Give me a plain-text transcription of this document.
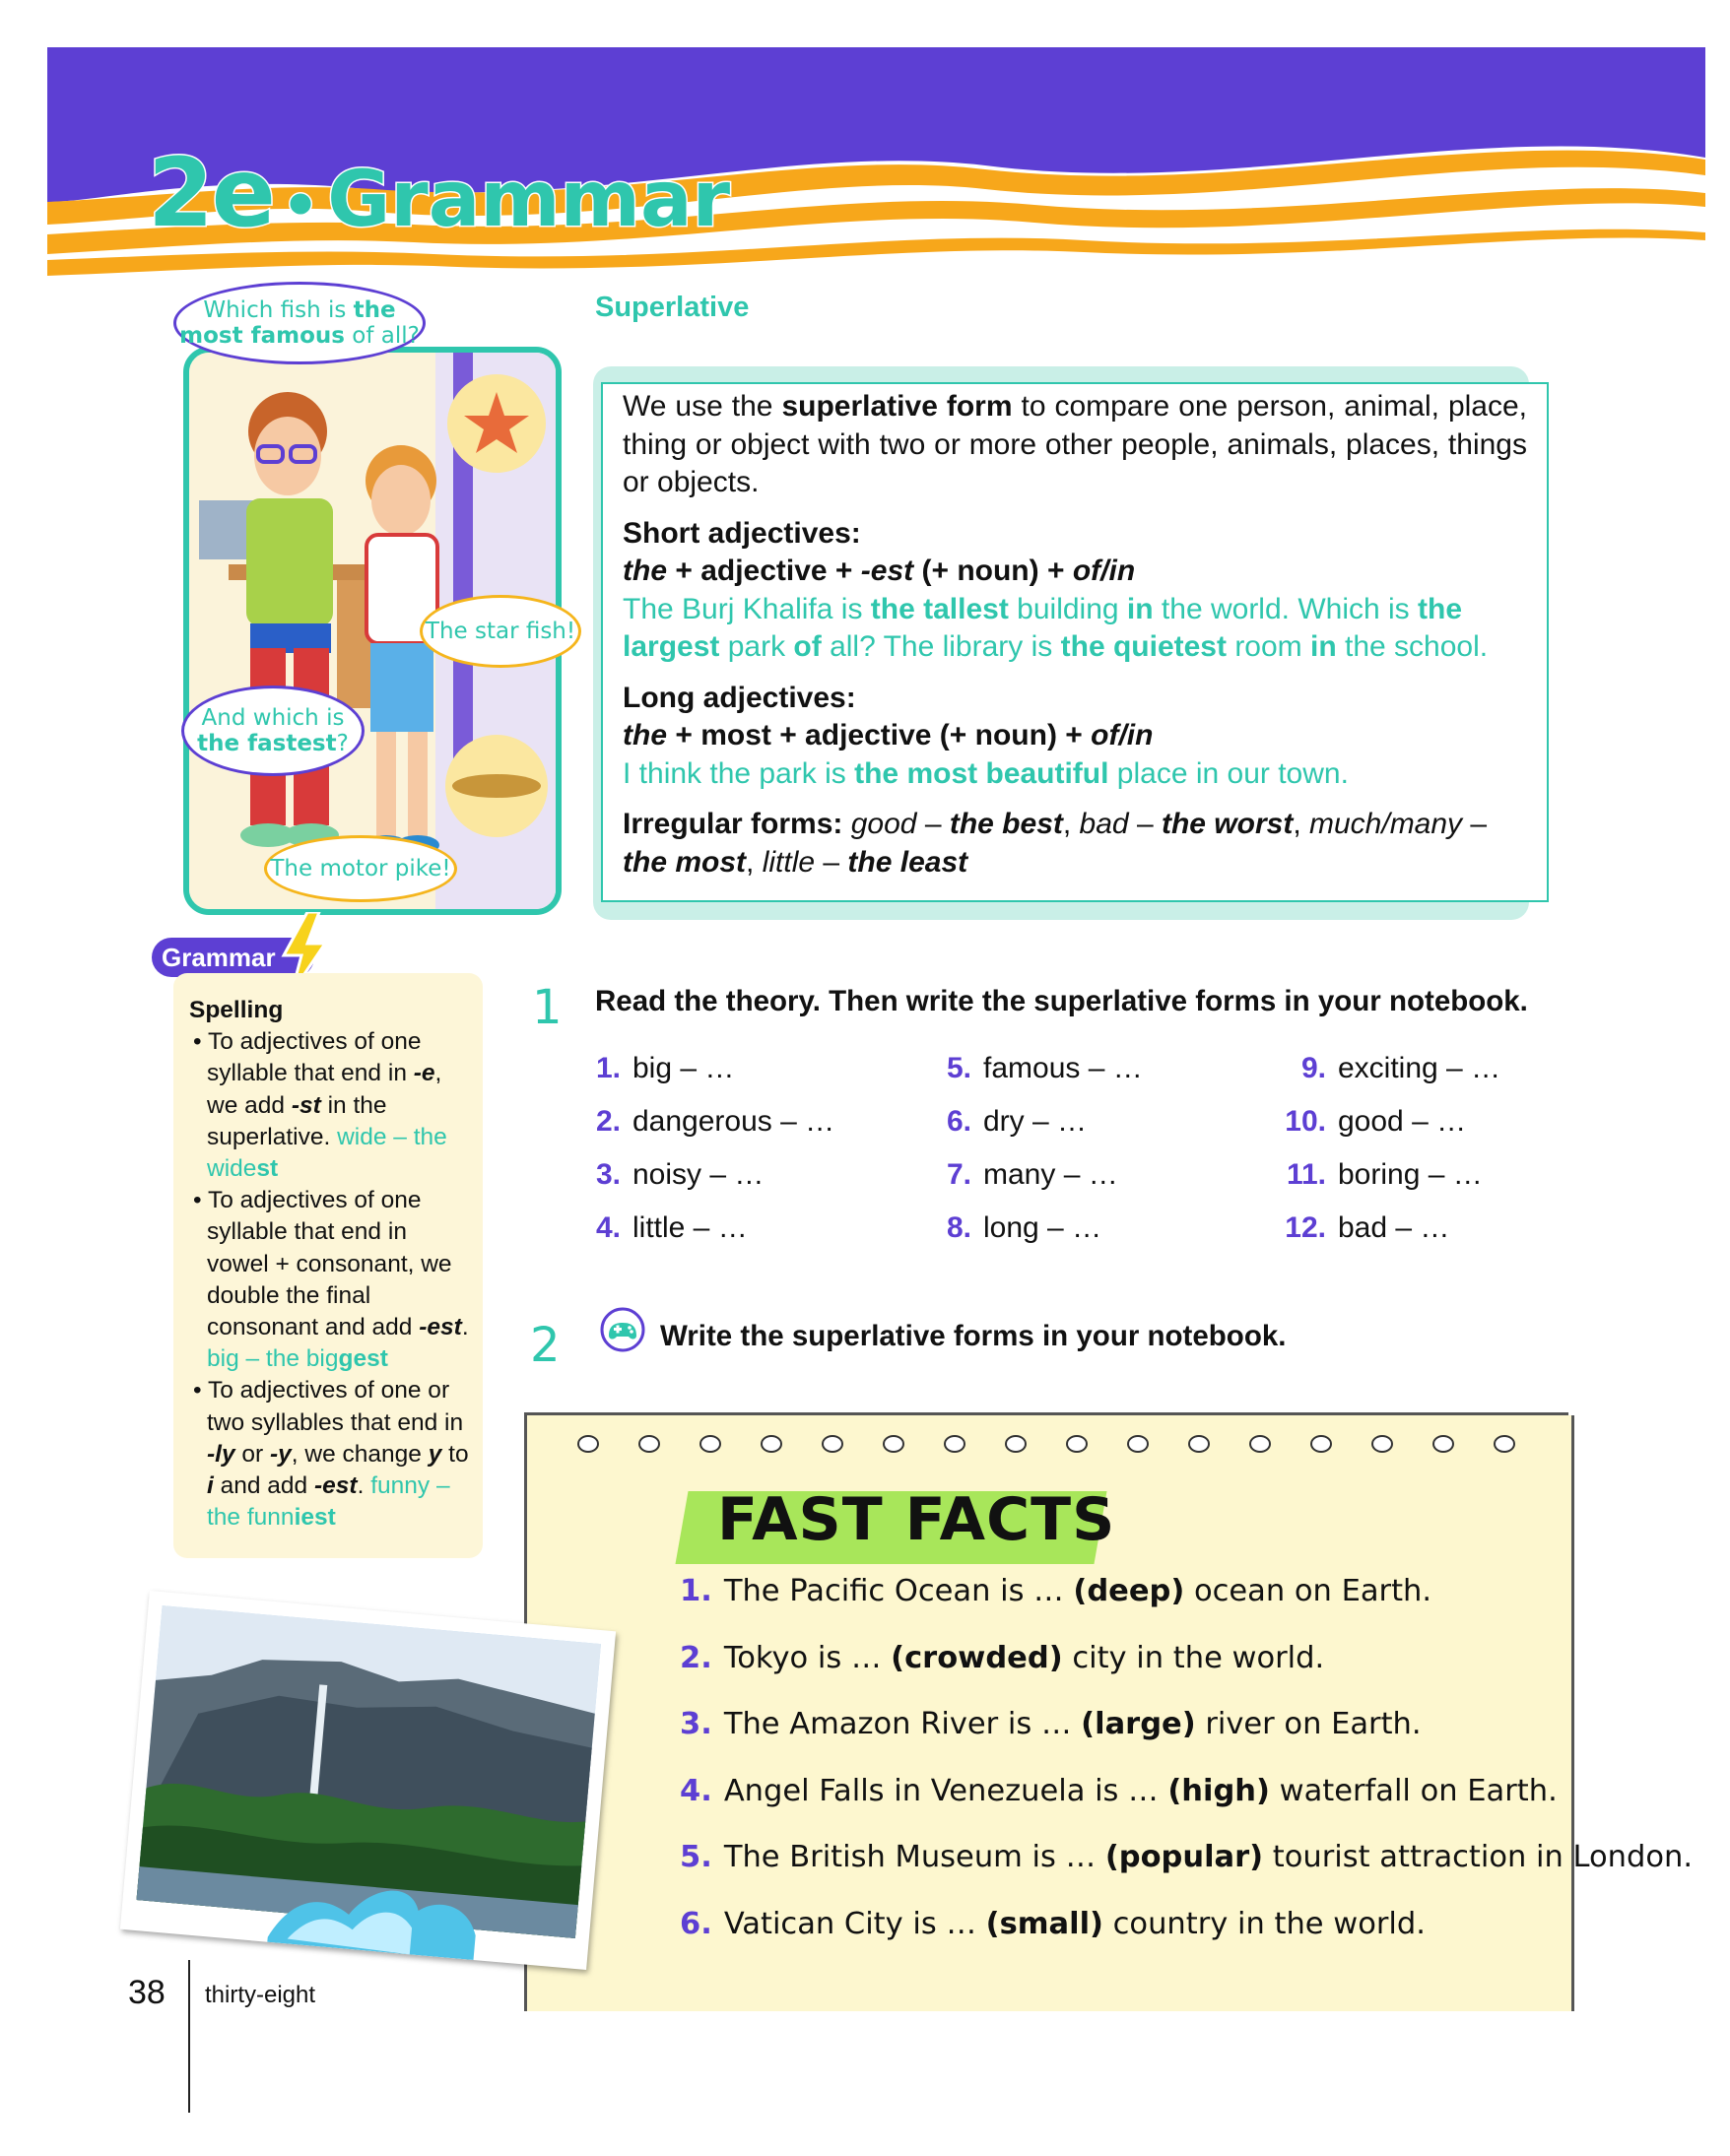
2e • Grammar
Which fish is the
most famous of all?
The star fish!
And which is
the fastest?
The motor pike!
Superlative

We use the superlative form to compare one person, animal, place, thing or object with two or more other people, animals, places, things or objects.

Short adjectives:

the + adjective + -est (+ noun) + of/in

The Burj Khalifa is the tallest building in the world. Which is the largest park of all? The library is the quietest room in the school.

Long adjectives:

the + most + adjective (+ noun) + of/in

I think the park is the most beautiful place in our town.

Irregular forms: good – the best, bad – the worst, much/many – the most, little – the least

Grammar
Spelling
• To adjectives of one syllable that end in -e, we add -st in the superlative. wide – the widest
• To adjectives of one syllable that end in vowel + consonant, we double the final consonant and add -est. big – the biggest
• To adjectives of one or two syllables that end in -ly or -y, we change y to i and add -est. funny – the funniest
1 Read the theory. Then write the superlative forms in your notebook.
1. big – …
2. dangerous – …
3. noisy – …
4. little – …
5. famous – …
6. dry – …
7. many – …
8. long – …
9. exciting – …
10. good – …
11. boring – …
12. bad – …
2	Write the superlative forms in your notebook.
FAST FACTS
1. The Pacific Ocean is … (deep) ocean on Earth.
2. Tokyo is … (crowded) city in the world.
3. The Amazon River is … (large) river on Earth.
4. Angel Falls in Venezuela is … (high) waterfall on Earth.
5. The British Museum is … (popular) tourist attraction in London.
6. Vatican City is … (small) country in the world.
38 thirty-eight
